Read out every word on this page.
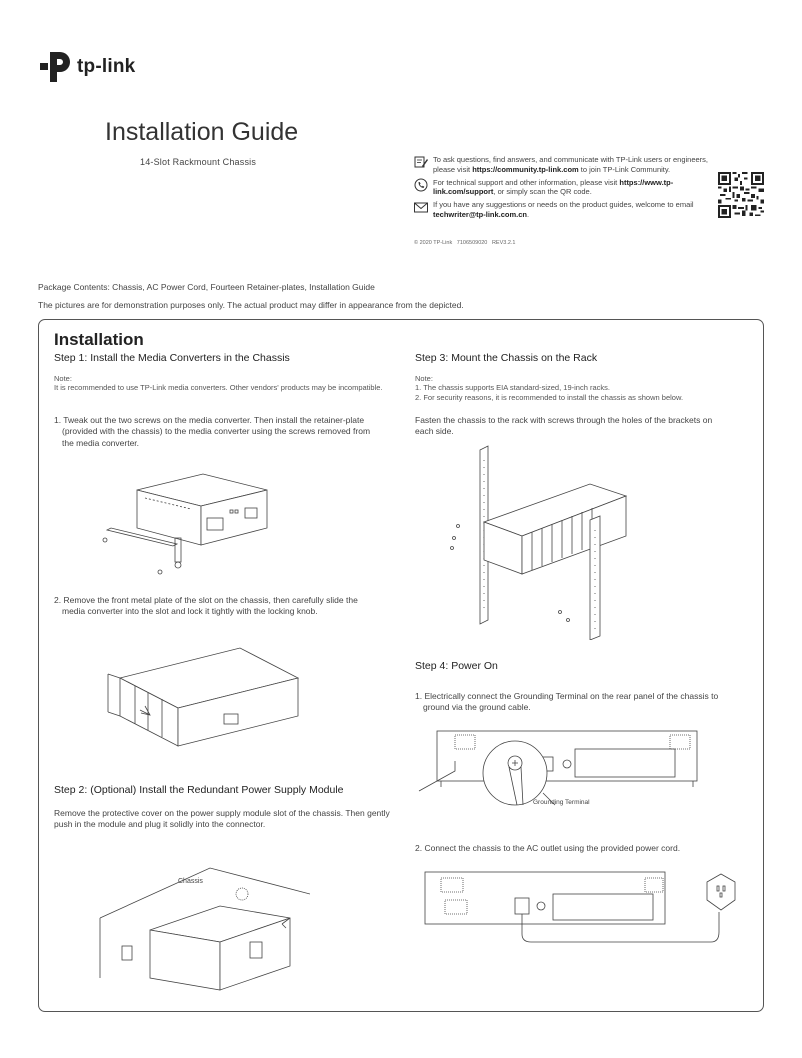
tp-link
Installation Guide
14-Slot Rackmount Chassis	To ask questions, find answers, and communicate with TP-Link users or engineers, please visit https://community.tp-link.com to join TP-Link Community.
For technical support and other information, please visit https://www.tp-link.com/support, or simply scan the QR code.
If you have any suggestions or needs on the product guides, welcome to email techwriter@tp-link.com.cn.
© 2020 TP-Link   7106509020   REV3.2.1
Package Contents: Chassis, AC Power Cord, Fourteen Retainer-plates, Installation Guide
The pictures are for demonstration purposes only. The actual product may differ in appearance from the depicted.
Installation
Step 1: Install the Media Converters in the Chassis
Note:
It is recommended to use TP-Link media converters. Other vendors' products may be incompatible.
1. Tweak out the two screws on the media converter. Then install the retainer-plate (provided with the chassis) to the media converter using the screws removed from the media converter.
2. Remove the front metal plate of the slot on the chassis, then carefully slide the media converter into the slot and lock it tightly with the locking knob.
Step 2: (Optional) Install the Redundant Power Supply Module
Remove the protective cover on the power supply module slot of the chassis. Then gently push in the module and plug it solidly into the connector.
Chassis
Step 3: Mount the Chassis on the Rack
Note:
1. The chassis supports EIA standard-sized, 19-inch racks.
2. For security reasons, it is recommended to install the chassis as shown below.
Fasten the chassis to the rack with screws through the holes of the brackets on each side.
Step 4: Power On
1. Electrically connect the Grounding Terminal on the rear panel of the chassis to ground via the ground cable.
Grounding Terminal
2. Connect the chassis to the AC outlet using the provided power cord.
